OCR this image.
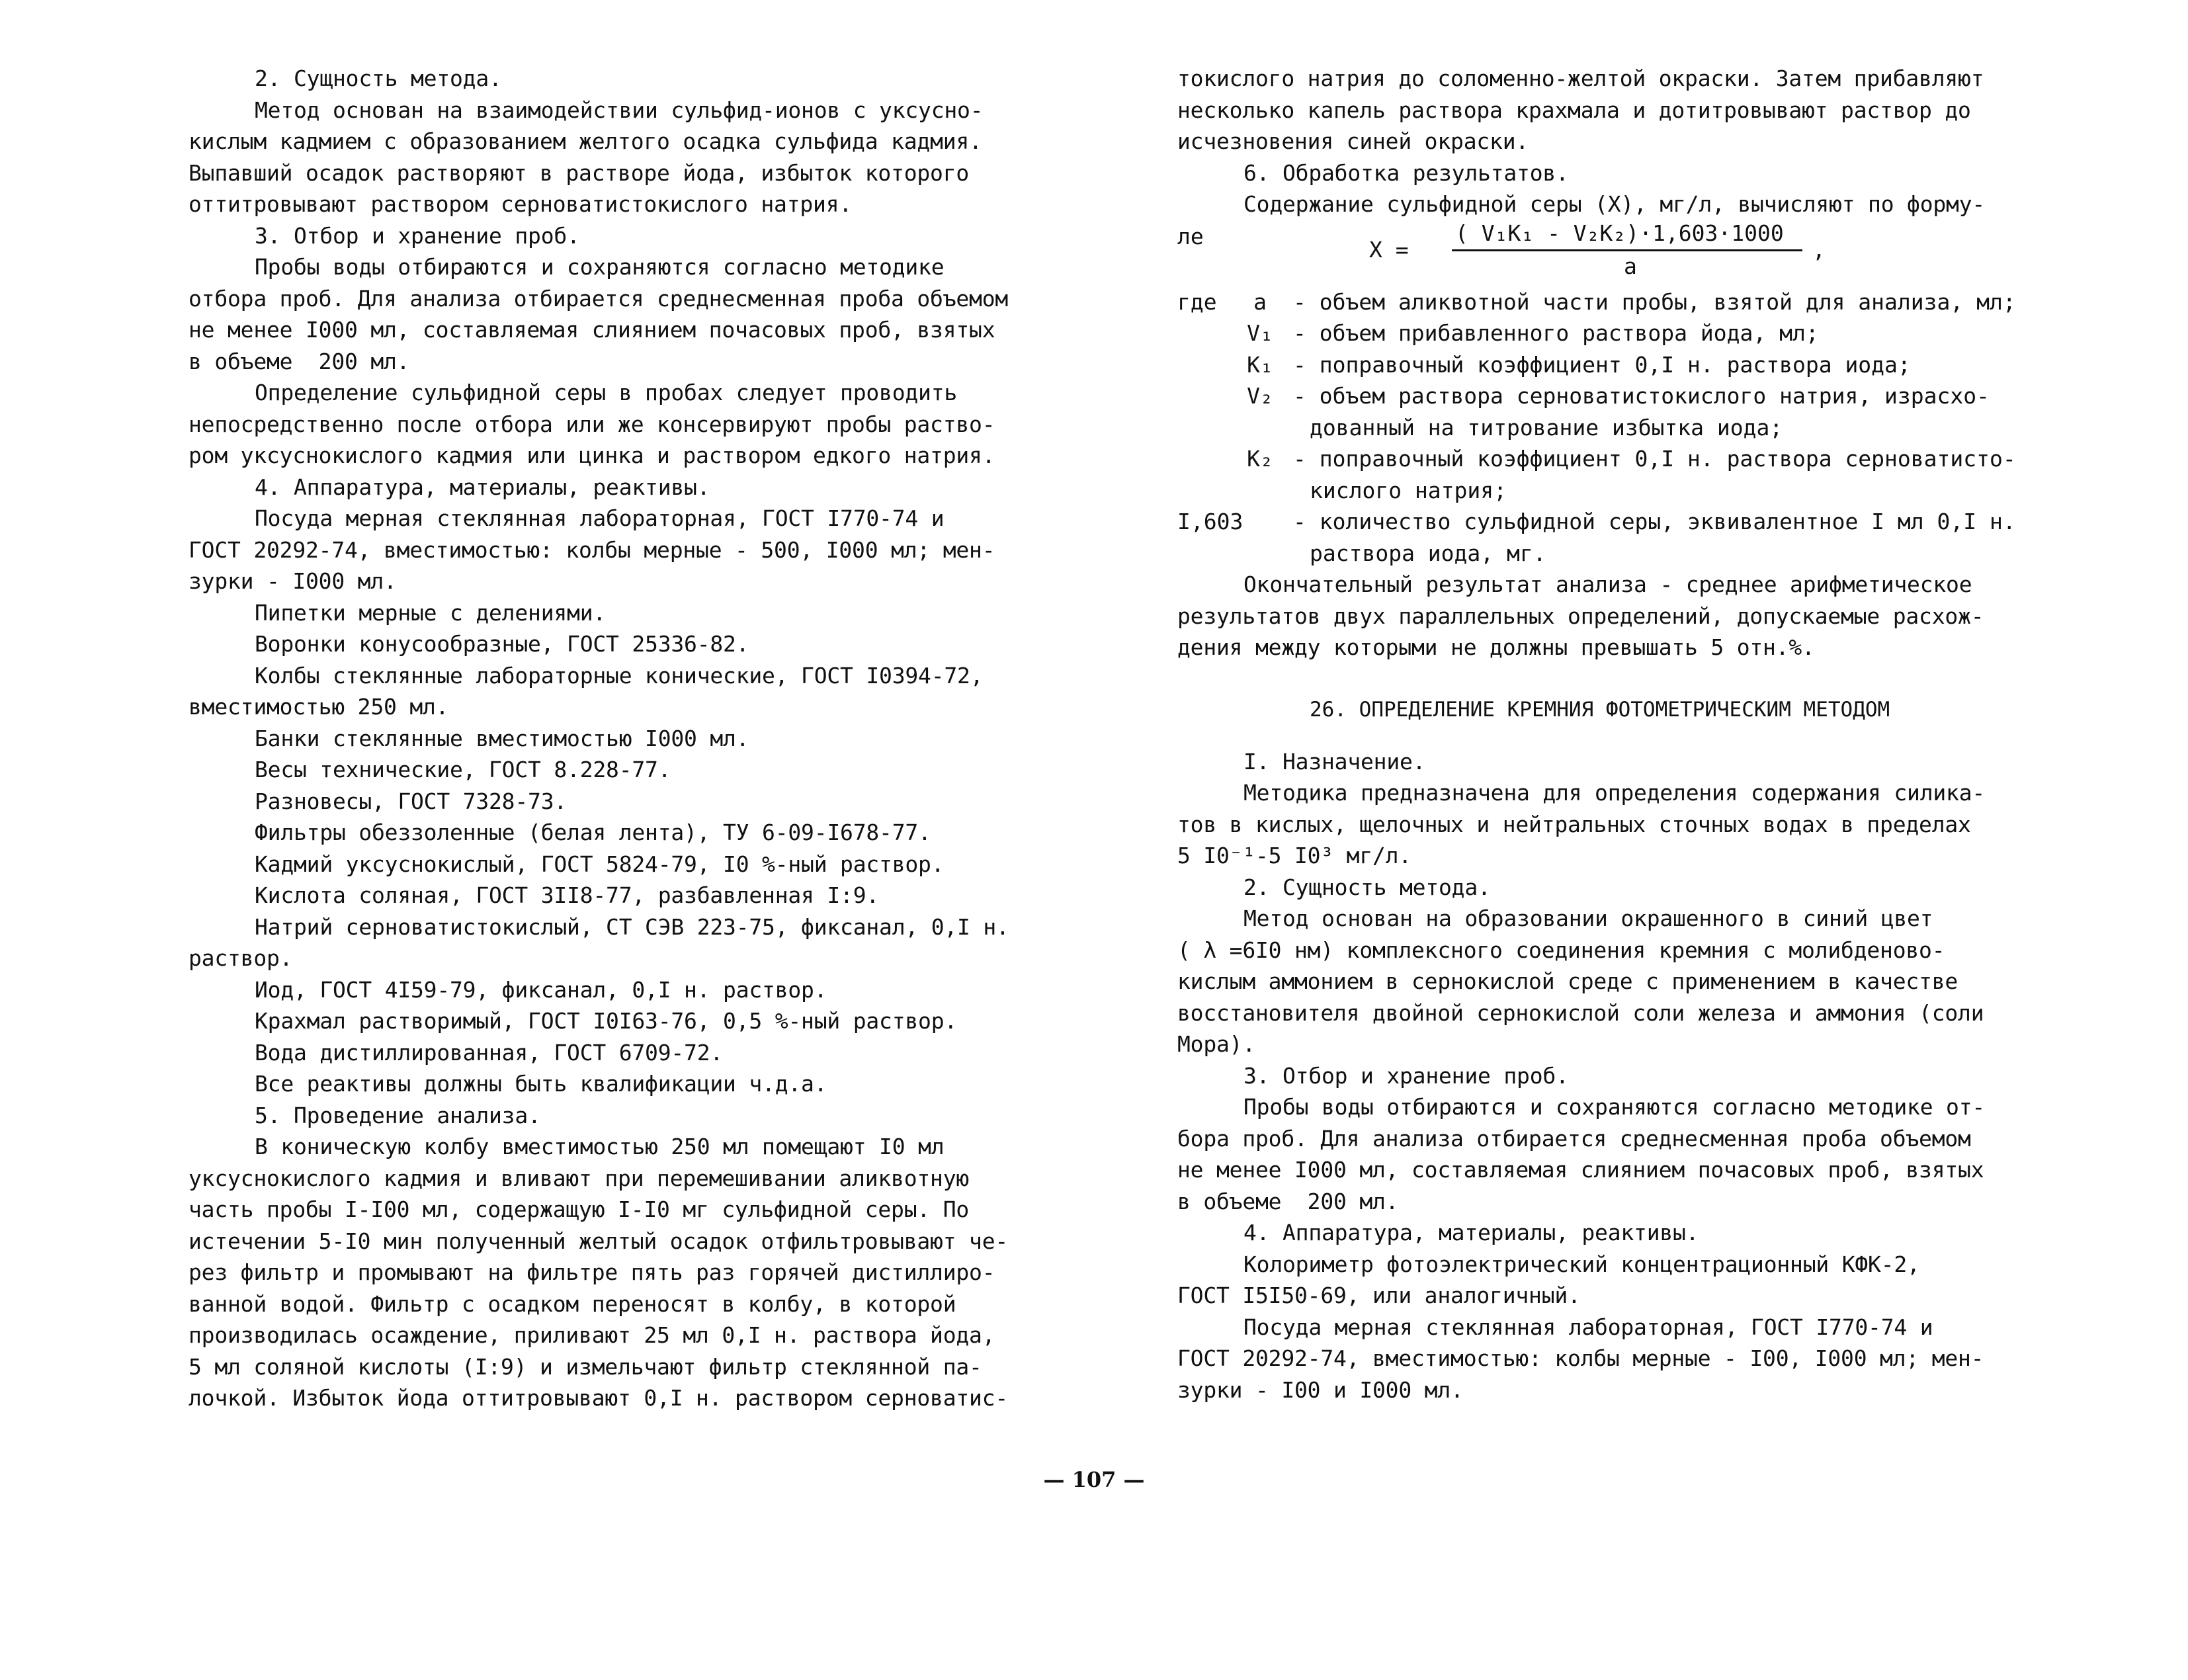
2. Сущность метода.
Метод основан на взаимодействии сульфид-ионов с уксусно-
кислым кадмием с образованием желтого осадка сульфида кадмия.
Выпавший осадок растворяют в растворе йода, избыток которого
оттитровывают раствором серноватистокислого натрия.
3. Отбор и хранение проб.
Пробы воды отбираются и сохраняются согласно методике
отбора проб. Для анализа отбирается среднесменная проба объемом
не менее I000 мл, составляемая слиянием почасовых проб, взятых
в объеме  200 мл.
Определение сульфидной серы в пробах следует проводить
непосредственно после отбора или же консервируют пробы раство-
ром уксуснокислого кадмия или цинка и раствором едкого натрия.
4. Аппаратура, материалы, реактивы.
Посуда мерная стеклянная лабораторная, ГОСТ I770-74 и
ГОСТ 20292-74, вместимостью: колбы мерные - 500, I000 мл; мен-
зурки - I000 мл.
Пипетки мерные с делениями.
Воронки конусообразные, ГОСТ 25336-82.
Колбы стеклянные лабораторные конические, ГОСТ I0394-72,
вместимостью 250 мл.
Банки стеклянные вместимостью I000 мл.
Весы технические, ГОСТ 8.228-77.
Разновесы, ГОСТ 7328-73.
Фильтры обеззоленные (белая лента), ТУ 6-09-I678-77.
Кадмий уксуснокислый, ГОСТ 5824-79, I0 %-ный раствор.
Кислота соляная, ГОСТ 3II8-77, разбавленная I:9.
Натрий серноватистокислый, СТ СЭВ 223-75, фиксанал, 0,I н.
раствор.
Иод, ГОСТ 4I59-79, фиксанал, 0,I н. раствор.
Крахмал растворимый, ГОСТ I0I63-76, 0,5 %-ный раствор.
Вода дистиллированная, ГОСТ 6709-72.
Все реактивы должны быть квалификации ч.д.а.
5. Проведение анализа.
В коническую колбу вместимостью 250 мл помещают I0 мл
уксуснокислого кадмия и вливают при перемешивании аликвотную
часть пробы I-I00 мл, содержащую I-I0 мг сульфидной серы. По
истечении 5-I0 мин полученный желтый осадок отфильтровывают че-
рез фильтр и промывают на фильтре пять раз горячей дистиллиро-
ванной водой. Фильтр с осадком переносят в колбу, в которой
производилась осаждение, приливают 25 мл 0,I н. раствора йода,
5 мл соляной кислоты (I:9) и измельчают фильтр стеклянной па-
лочкой. Избыток йода оттитровывают 0,I н. раствором серноватис-
токислого натрия до соломенно-желтой окраски. Затем прибавляют
несколько капель раствора крахмала и дотитровывают раствор до
исчезновения синей окраски.
6. Обработка результатов.
Содержание сульфидной серы (X), мг/л, вычисляют по форму-
ле
X =
( V₁K₁ - V₂K₂)·1,603·1000
a
,
где	a	- объем аликвотной части пробы, взятой для анализа, мл;
V₁ - объем прибавленного раствора йода, мл;
K₁ - поправочный коэффициент 0,I н. раствора иода;
V₂ - объем раствора серноватистокислого натрия, израсхо-
дованный на титрование избытка иода;
K₂ - поправочный коэффициент 0,I н. раствора серноватисто-
кислого натрия;
I,603 - количество сульфидной серы, эквивалентное I мл 0,I н.
раствора иода, мг.
Окончательный результат анализа - среднее арифметическое
результатов двух параллельных определений, допускаемые расхож-
дения между которыми не должны превышать 5 отн.%.
26. ОПРЕДЕЛЕНИЕ КРЕМНИЯ ФОТОМЕТРИЧЕСКИМ МЕТОДОМ
I. Назначение.
Методика предназначена для определения содержания силика-
тов в кислых, щелочных и нейтральных сточных водах в пределах
5 I0⁻¹-5 I0³ мг/л.
2. Сущность метода.
Метод основан на образовании окрашенного в синий цвет
( λ =6I0 нм) комплексного соединения кремния с молибденово-
кислым аммонием в сернокислой среде с применением в качестве
восстановителя двойной сернокислой соли железа и аммония (соли
Мора).
3. Отбор и хранение проб.
Пробы воды отбираются и сохраняются согласно методике от-
бора проб. Для анализа отбирается среднесменная проба объемом
не менее I000 мл, составляемая слиянием почасовых проб, взятых
в объеме  200 мл.
4. Аппаратура, материалы, реактивы.
Колориметр фотоэлектрический концентрационный КФК-2,
ГОСТ I5I50-69, или аналогичный.
Посуда мерная стеклянная лабораторная, ГОСТ I770-74 и
ГОСТ 20292-74, вместимостью: колбы мерные - I00, I000 мл; мен-
зурки - I00 и I000 мл.
— 107 —
